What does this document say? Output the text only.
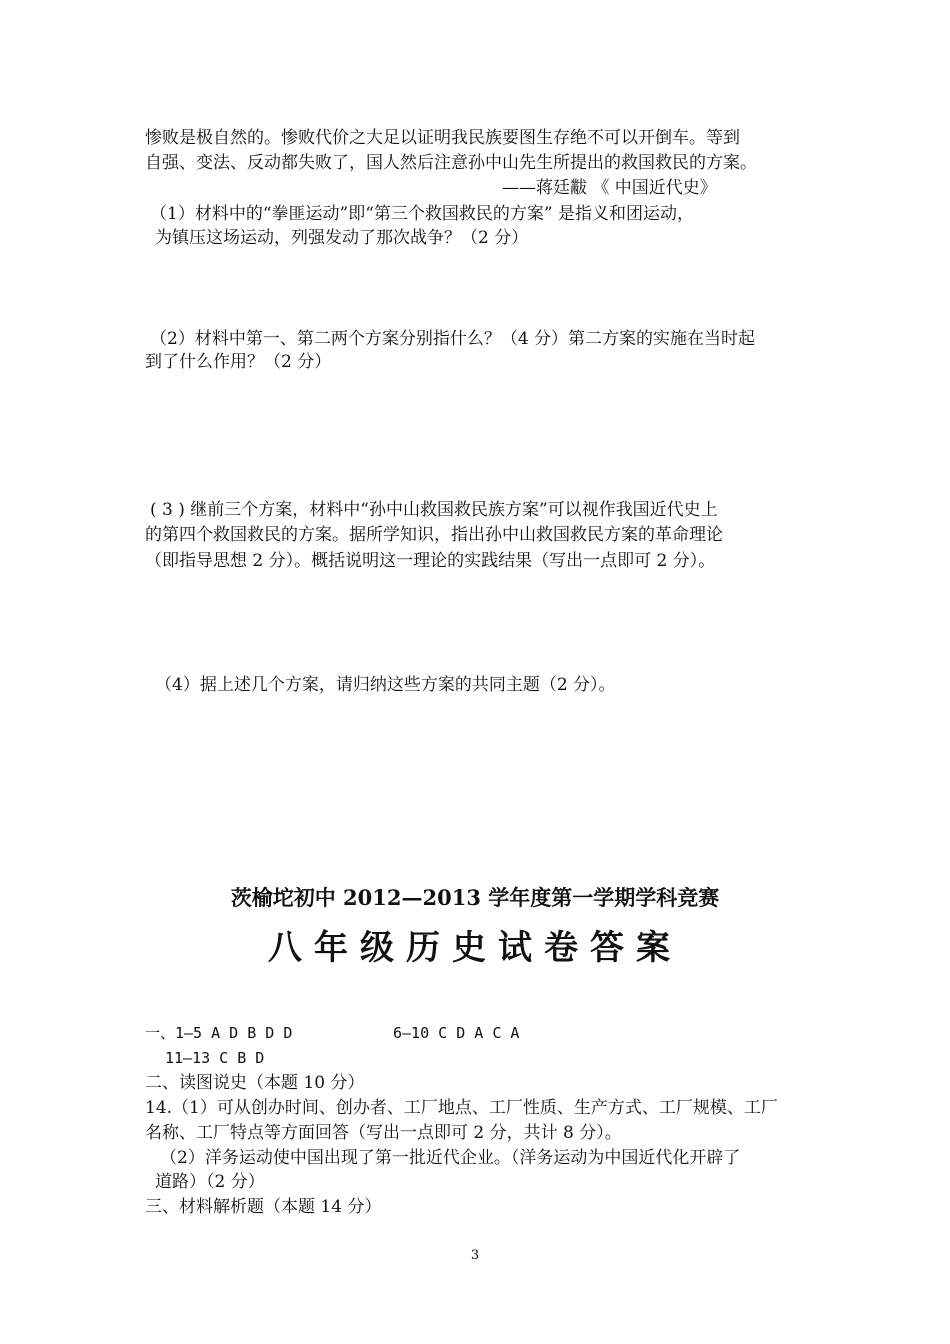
惨败是极自然的。惨败代价之大足以证明我民族要图生存绝不可以开倒车。等到
自强、变法、反动都失败了，国人然后注意孙中山先生所提出的救国救民的方案。
——蒋廷黻 《 中国近代史》
（1）材料中的“拳匪运动”即“第三个救国救民的方案” 是指义和团运动，
为镇压这场运动，列强发动了那次战争？（2 分）
（2）材料中第一、第二两个方案分别指什么？（4 分）第二方案的实施在当时起
到了什么作用？（2 分）
( 3 ) 继前三个方案，材料中“孙中山救国救民族方案”可以视作我国近代史上
的第四个救国救民的方案。据所学知识，指出孙中山救国救民方案的革命理论
（即指导思想 2 分）。概括说明这一理论的实践结果（写出一点即可 2 分）。
（4）据上述几个方案，请归纳这些方案的共同主题（2 分）。
茨榆坨初中 2012—2013 学年度第一学期学科竞赛
八年级历史试卷答案
一、1—5 A D B D D	6—10 C D A C A
11—13 C B D
二、读图说史（本题 10 分）
14.（1）可从创办时间、创办者、工厂地点、工厂性质、生产方式、工厂规模、工厂
名称、工厂特点等方面回答（写出一点即可 2 分，共计 8 分）。
（2）洋务运动使中国出现了第一批近代企业。（洋务运动为中国近代化开辟了
道路）（2 分）
三、材料解析题（本题 14 分）
3
